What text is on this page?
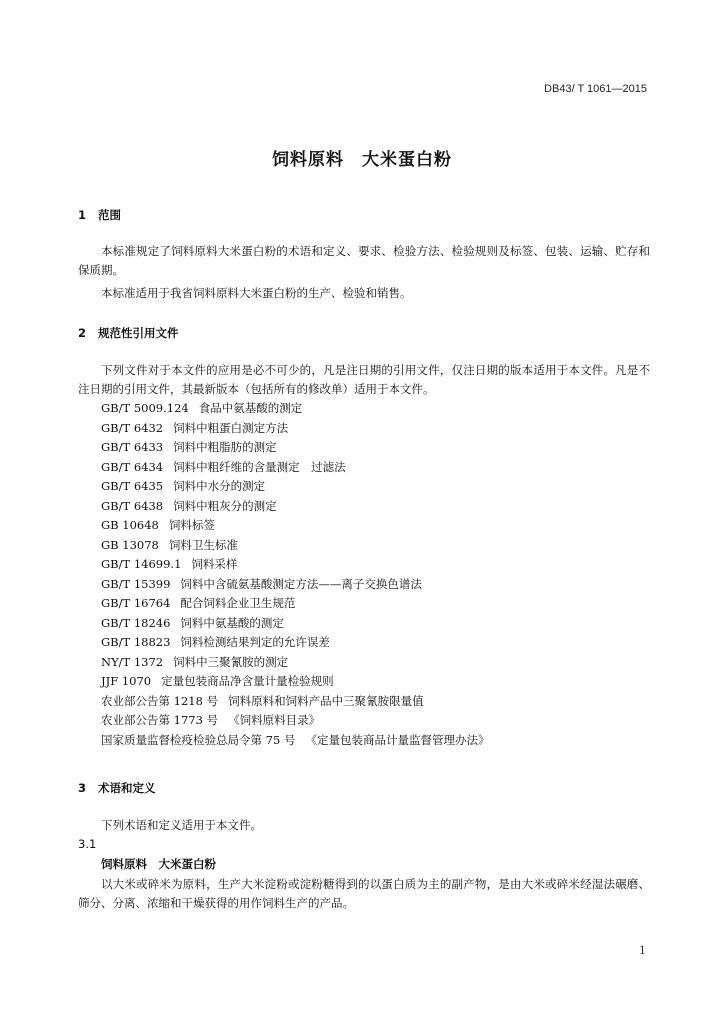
DB43/ T 1061—2015
饲料原料　大米蛋白粉
1 范围

本标准规定了饲料原料大米蛋白粉的术语和定义、要求、检验方法、检验规则及标签、包装、运输、贮存和保质期。

本标准适用于我省饲料原料大米蛋白粉的生产、检验和销售。

2 规范性引用文件

下列文件对于本文件的应用是必不可少的，凡是注日期的引用文件，仅注日期的版本适用于本文件。凡是不注日期的引用文件，其最新版本（包括所有的修改单）适用于本文件。

GB/T 5009.124 食品中氨基酸的测定
GB/T 6432 饲料中粗蛋白测定方法
GB/T 6433 饲料中粗脂肪的测定
GB/T 6434 饲料中粗纤维的含量测定　过滤法
GB/T 6435 饲料中水分的测定
GB/T 6438 饲料中粗灰分的测定
GB 10648 饲料标签
GB 13078 饲料卫生标准
GB/T 14699.1 饲料采样
GB/T 15399 饲料中含硫氨基酸测定方法——离子交换色谱法
GB/T 16764 配合饲料企业卫生规范
GB/T 18246 饲料中氨基酸的测定
GB/T 18823 饲料检测结果判定的允许误差
NY/T 1372 饲料中三聚氰胺的测定
JJF 1070 定量包装商品净含量计量检验规则
农业部公告第 1218 号 饲料原料和饲料产品中三聚氰胺限量值
农业部公告第 1773 号 《饲料原料目录》
国家质量监督检疫检验总局令第 75 号 《定量包装商品计量监督管理办法》
3 术语和定义

下列术语和定义适用于本文件。

3.1
饲料原料　大米蛋白粉

以大米或碎米为原料，生产大米淀粉或淀粉糖得到的以蛋白质为主的副产物，是由大米或碎米经湿法碾磨、筛分、分离、浓缩和干燥获得的用作饲料生产的产品。

1
